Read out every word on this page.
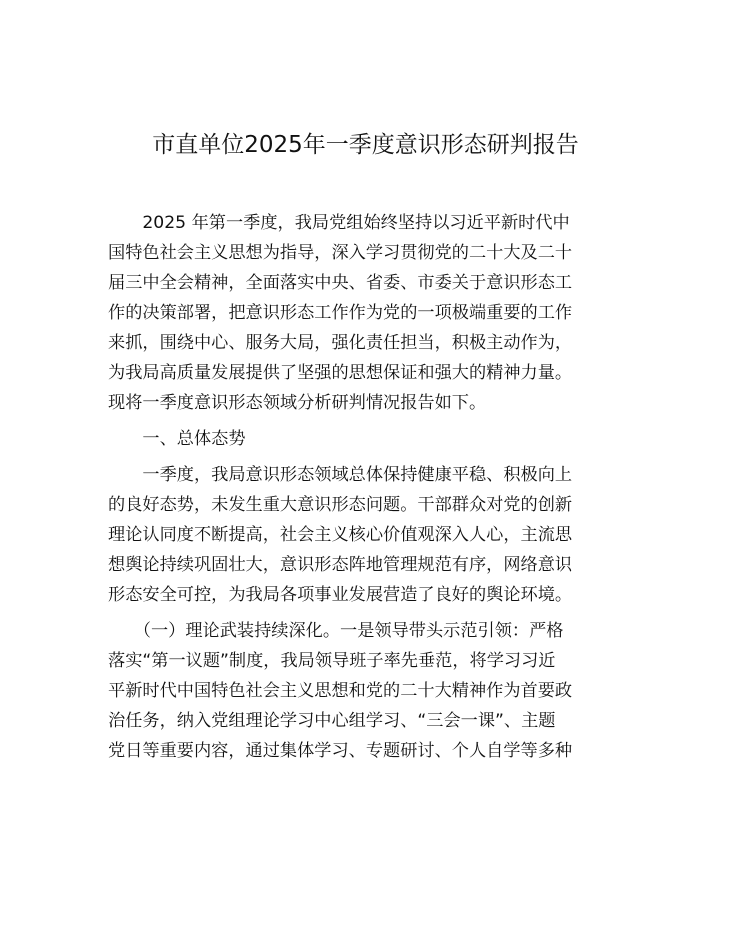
市直单位2025年一季度意识形态研判报告
　　2025 年第一季度，我局党组始终坚持以习近平新时代中
国特色社会主义思想为指导，深入学习贯彻党的二十大及二十
届三中全会精神，全面落实中央、省委、市委关于意识形态工
作的决策部署，把意识形态工作作为党的一项极端重要的工作
来抓，围绕中心、服务大局，强化责任担当，积极主动作为，
为我局高质量发展提供了坚强的思想保证和强大的精神力量。
现将一季度意识形态领域分析研判情况报告如下。
　　一、总体态势
　　一季度，我局意识形态领域总体保持健康平稳、积极向上
的良好态势，未发生重大意识形态问题。干部群众对党的创新
理论认同度不断提高，社会主义核心价值观深入人心，主流思
想舆论持续巩固壮大，意识形态阵地管理规范有序，网络意识
形态安全可控，为我局各项事业发展营造了良好的舆论环境。
　　（一）理论武装持续深化。一是领导带头示范引领：严格
落实“第一议题”制度，我局领导班子率先垂范，将学习习近
平新时代中国特色社会主义思想和党的二十大精神作为首要政
治任务，纳入党组理论学习中心组学习、“三会一课”、主题
党日等重要内容，通过集体学习、专题研讨、个人自学等多种
